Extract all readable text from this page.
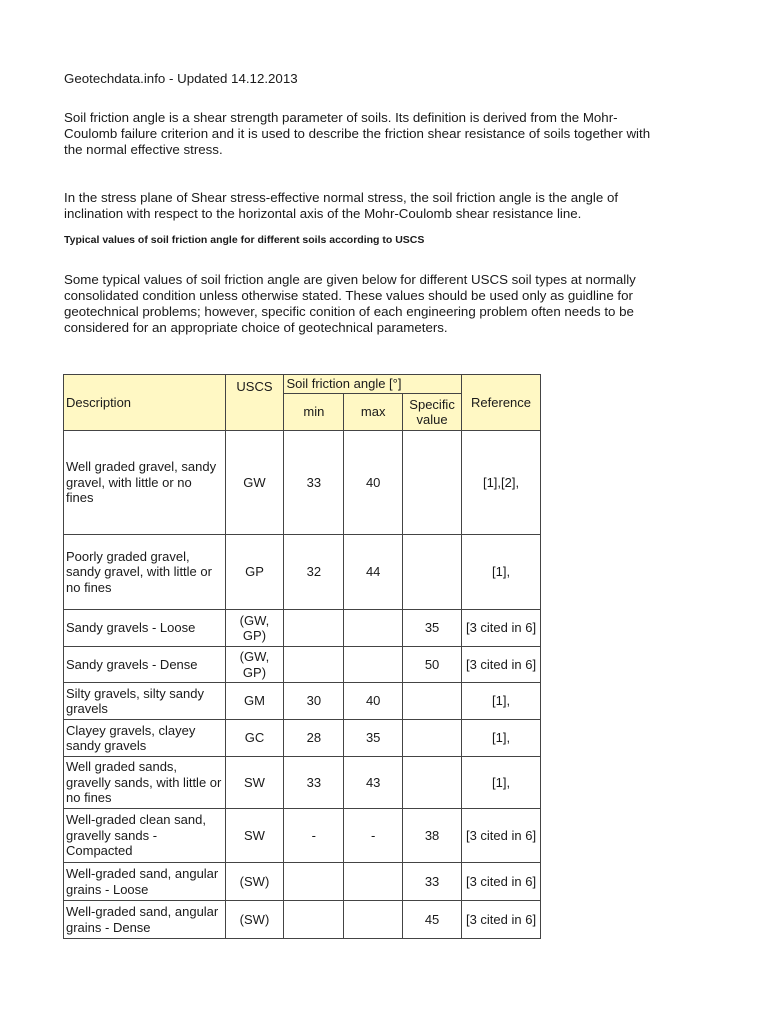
Geotechdata.info - Updated 14.12.2013

Soil friction angle is a shear strength parameter of soils. Its definition is derived from the Mohr-Coulomb failure criterion and it is used to describe the friction shear resistance of soils together with the normal effective stress.

In the stress plane of Shear stress-effective normal stress, the soil friction angle is the angle of inclination with respect to the horizontal axis of the Mohr-Coulomb shear resistance line.

Typical values of soil friction angle for different soils according to USCS

Some typical values of soil friction angle are given below for different USCS soil types at normally consolidated condition unless otherwise stated. These values should be used only as guidline for geotechnical problems; however, specific conition of each engineering problem often needs to be considered for an appropriate choice of geotechnical parameters.

Description	USCS	Soil friction angle [°]			Reference
		min	max	Specific value	
Well graded gravel, sandy gravel, with little or no fines	GW	33	40		[1],[2],
Poorly graded gravel, sandy gravel, with little or no fines	GP	32	44		[1],
Sandy gravels - Loose	(GW, GP)			35	[3 cited in 6]
Sandy gravels - Dense	(GW, GP)			50	[3 cited in 6]
Silty gravels, silty sandy gravels	GM	30	40		[1],
Clayey gravels, clayey sandy gravels	GC	28	35		[1],
Well graded sands, gravelly sands, with little or no fines	SW	33	43		[1],
Well-graded clean sand, gravelly sands - Compacted	SW	-	-	38	[3 cited in 6]
Well-graded sand, angular grains - Loose	(SW)			33	[3 cited in 6]
Well-graded sand, angular grains - Dense	(SW)			45	[3 cited in 6]
